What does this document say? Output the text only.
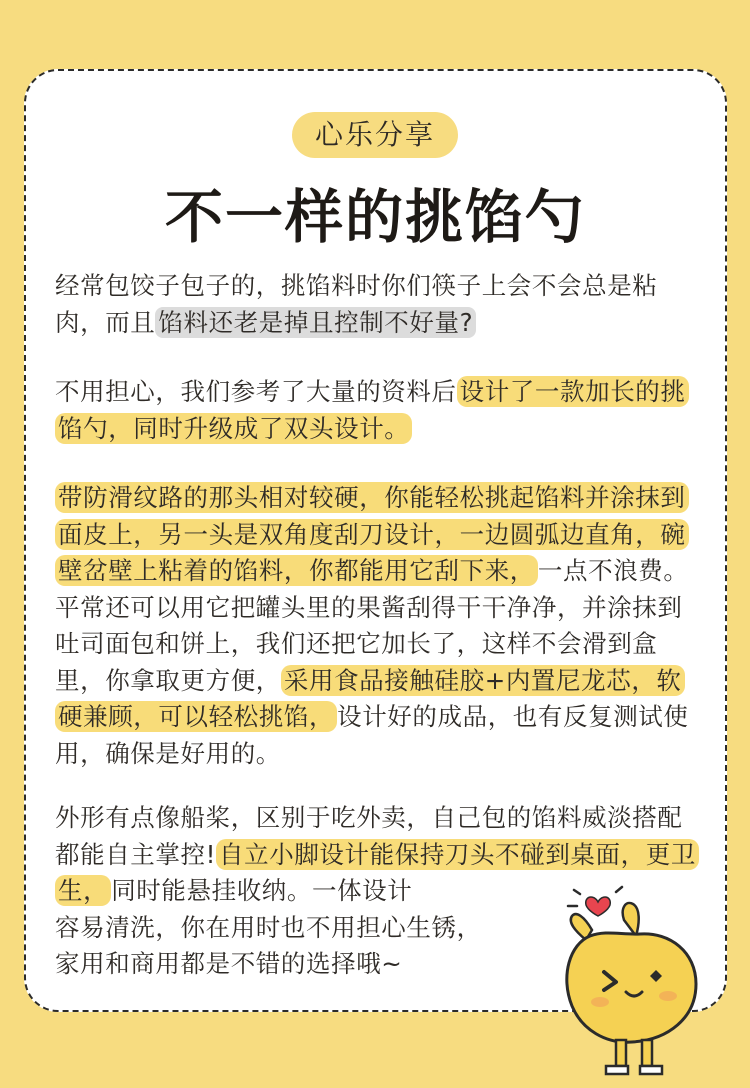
心乐分享
不一样的挑馅勺

经常包饺子包子的，挑馅料时你们筷子上会不会总是粘肉，而且 馅料还老是掉且控制不好量?

不用担心，我们参考了大量的资料后 设计了一款加长的挑馅勺，同时升级成了双头设计。

带防滑纹路的那头相对较硬，你能轻松挑起馅料并涂抹到面皮上，另一头是双角度刮刀设计，一边圆弧边直角，碗壁岔壁上粘着的馅料，你都能用它刮下来， 一点不浪费。平常还可以用它把罐头里的果酱刮得干干净净，并涂抹到吐司面包和饼上，我们还把它加长了，这样不会滑到盒里，你拿取更方便， 采用食品接触硅胶+内置尼龙芯，软硬兼顾，可以轻松挑馅， 设计好的成品，也有反复测试使用，确保是好用的。

外形有点像船桨，区别于吃外卖，自己包的馅料威淡搭配都能自主掌控! 自立小脚设计能保持刀头不碰到桌面，更卫生， 同时能悬挂收纳。一体设计
容易清洗，你在用时也不用担心生锈，
家用和商用都是不错的选择哦~
